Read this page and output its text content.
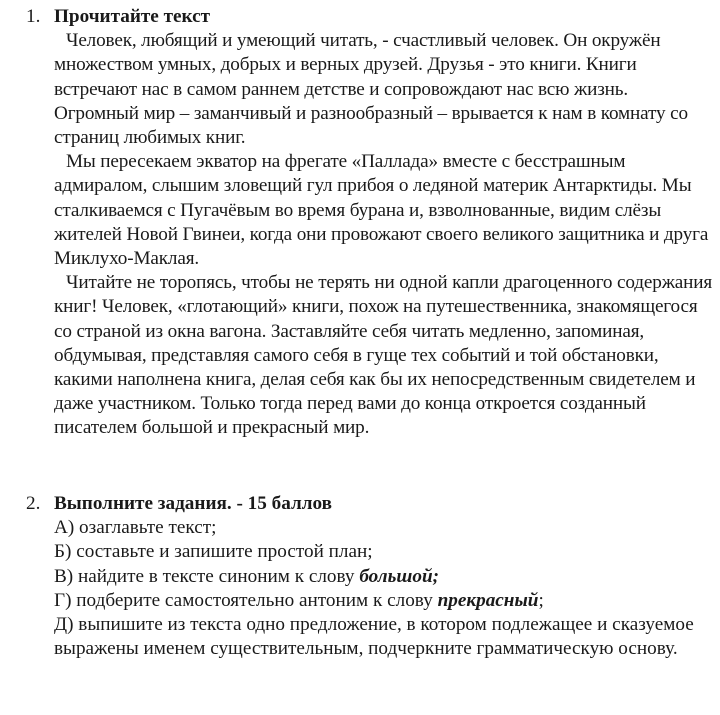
1. Прочитайте текст
Человек, любящий и умеющий читать, - счастливый человек. Он окружён множеством умных, добрых и верных друзей. Друзья - это книги. Книги встречают нас в самом раннем детстве и сопровождают нас всю жизнь. Огромный мир – заманчивый и разнообразный – врывается к нам в комнату со страниц любимых книг.
Мы пересекаем экватор на фрегате «Паллада» вместе с бесстрашным адмиралом, слышим зловещий гул прибоя о ледяной материк Антарктиды. Мы сталкиваемся с Пугачёвым во время бурана и, взволнованные, видим слёзы жителей Новой Гвинеи, когда они провожают своего великого защитника и друга Миклухо-Маклая.
Читайте не торопясь, чтобы не терять ни одной капли драгоценного содержания книг! Человек, «глотающий» книги, похож на путешественника, знакомящегося со страной из окна вагона. Заставляйте себя читать медленно, запоминая, обдумывая, представляя самого себя в гуще тех событий и той обстановки, какими наполнена книга, делая себя как бы их непосредственным свидетелем и даже участником. Только тогда перед вами до конца откроется созданный писателем большой и прекрасный мир.
2. Выполните задания. - 15 баллов
А) озаглавьте текст;
Б) составьте и запишите простой план;
В) найдите в тексте синоним к слову большой;
Г) подберите самостоятельно антоним к слову прекрасный;
Д) выпишите из текста одно предложение, в котором подлежащее и сказуемое выражены именем существительным, подчеркните грамматическую основу.
